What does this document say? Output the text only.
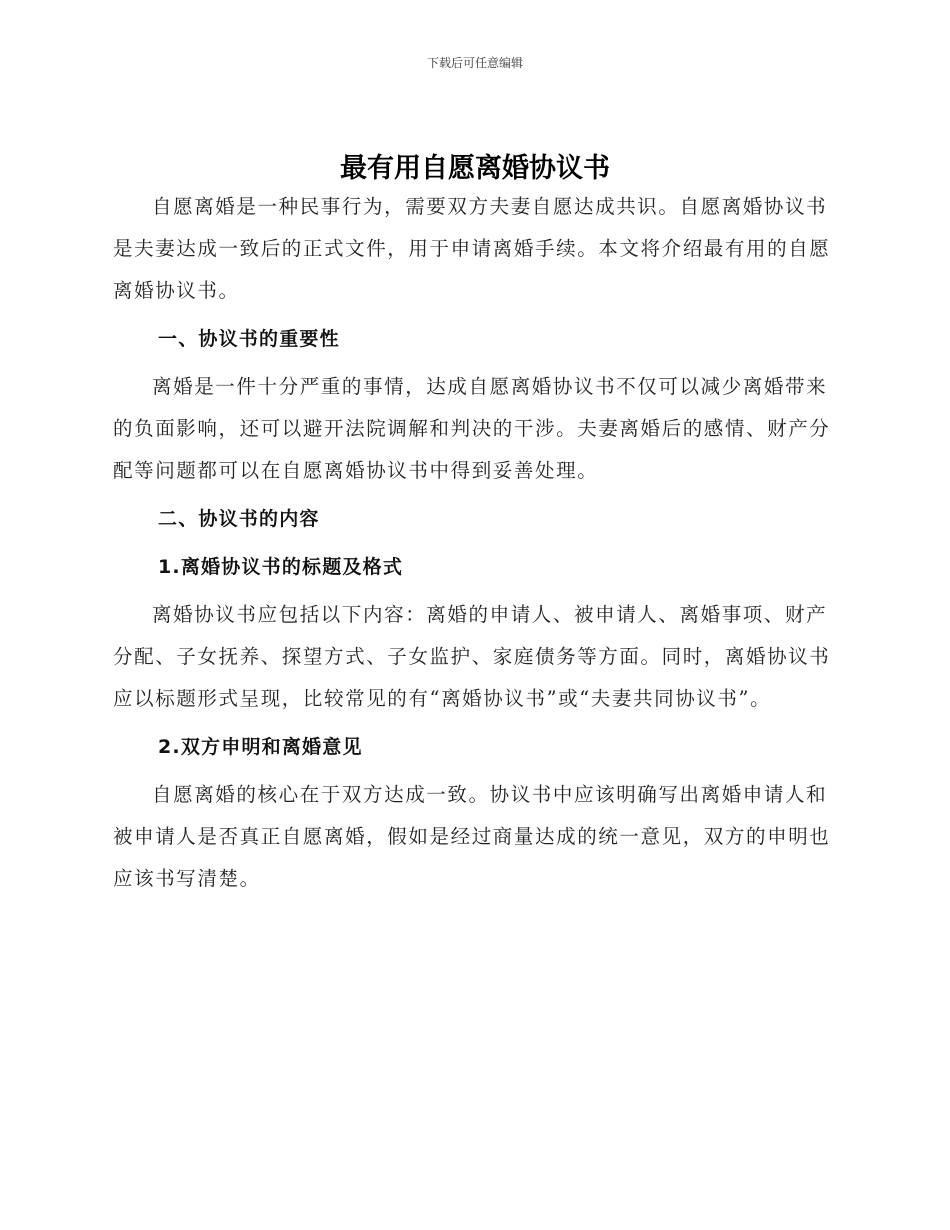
下载后可任意编辑
最有用自愿离婚协议书

自愿离婚是一种民事行为，需要双方夫妻自愿达成共识。自愿离婚协议书是夫妻达成一致后的正式文件，用于申请离婚手续。本文将介绍最有用的自愿离婚协议书。

一、协议书的重要性

离婚是一件十分严重的事情，达成自愿离婚协议书不仅可以减少离婚带来的负面影响，还可以避开法院调解和判决的干涉。夫妻离婚后的感情、财产分配等问题都可以在自愿离婚协议书中得到妥善处理。

二、协议书的内容
1.离婚协议书的标题及格式

离婚协议书应包括以下内容：离婚的申请人、被申请人、离婚事项、财产分配、子女抚养、探望方式、子女监护、家庭债务等方面。同时，离婚协议书应以标题形式呈现，比较常见的有“离婚协议书”或“夫妻共同协议书”。

2.双方申明和离婚意见

自愿离婚的核心在于双方达成一致。协议书中应该明确写出离婚申请人和被申请人是否真正自愿离婚，假如是经过商量达成的统一意见，双方的申明也应该书写清楚。
